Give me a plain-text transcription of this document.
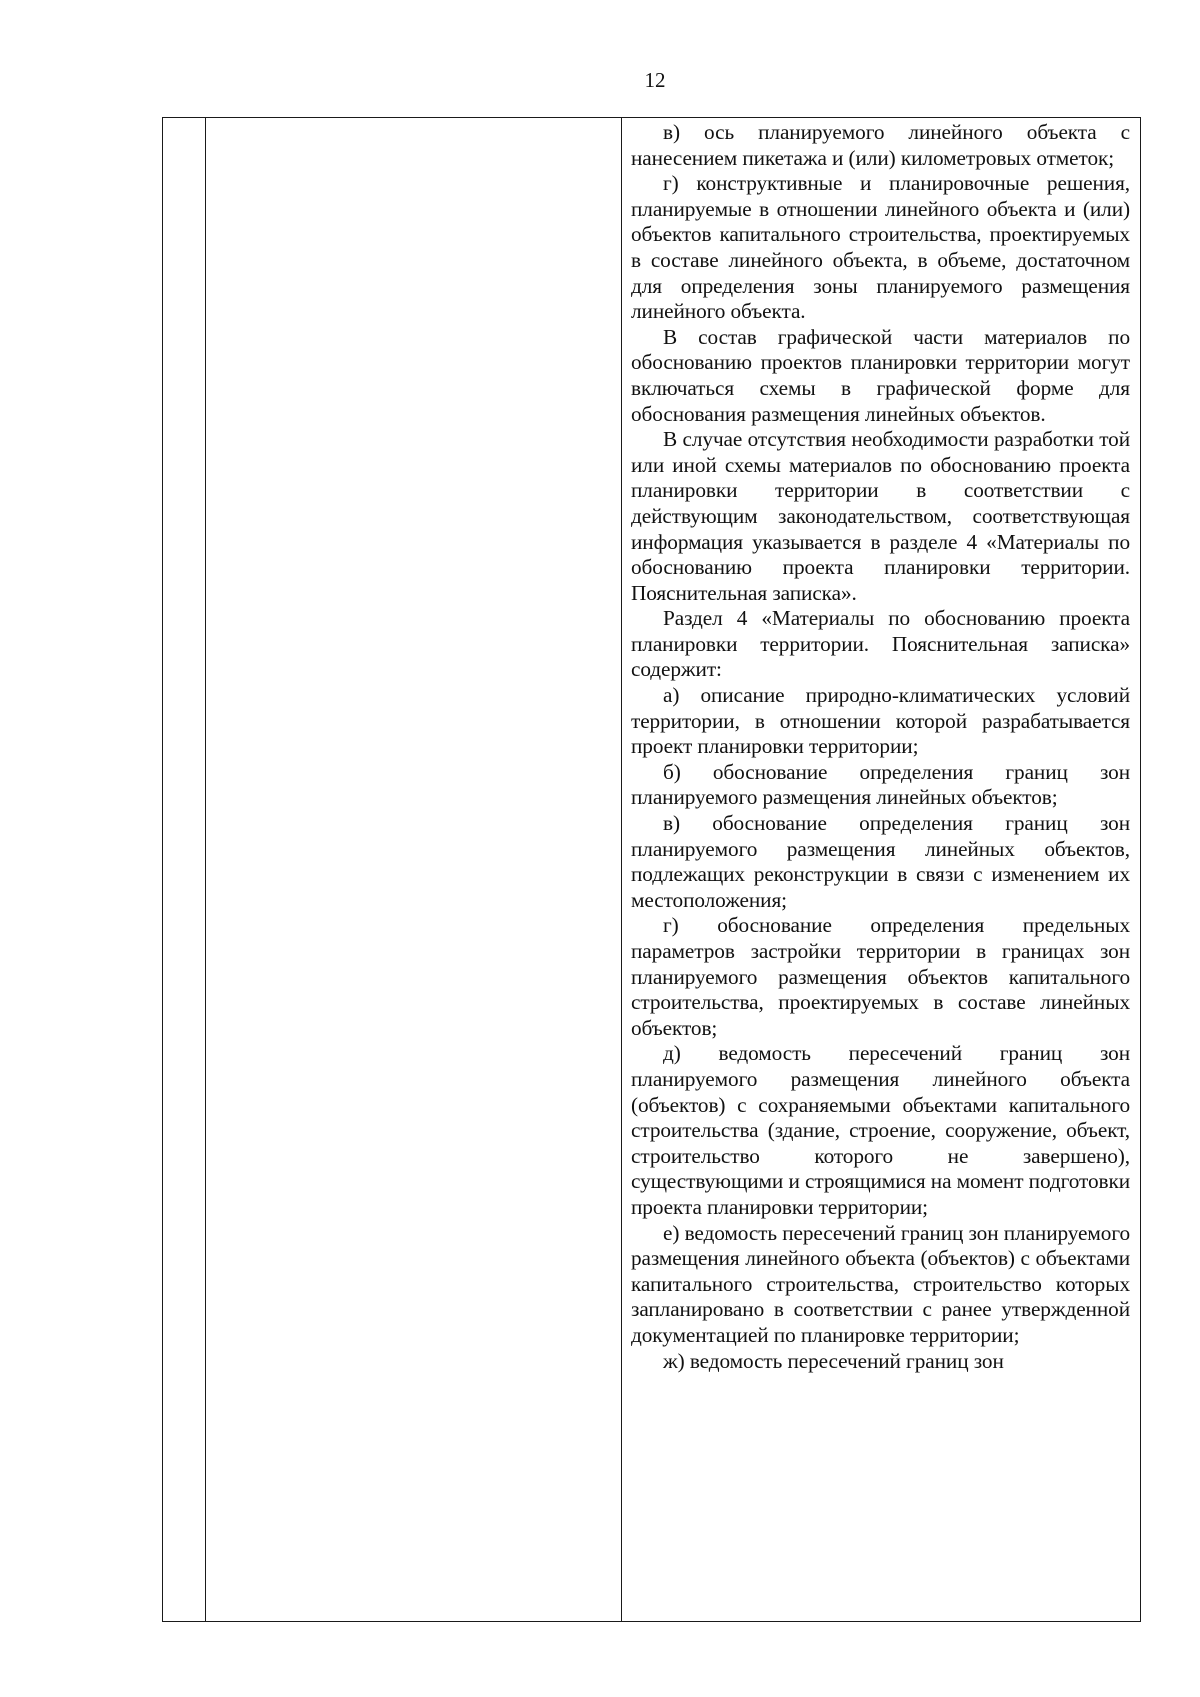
12

в) ось планируемого линейного объекта с нанесением пикетажа и (или) километровых отметок;

г) конструктивные и планировочные решения, планируемые в отношении линейного объекта и (или) объектов капитального строительства, проектируемых в составе линейного объекта, в объеме, достаточном для определения зоны планируемого размещения линейного объекта.

В состав графической части материалов по обоснованию проектов планировки территории могут включаться схемы в графической форме для обоснования размещения линейных объектов.

В случае отсутствия необходимости разработки той или иной схемы материалов по обоснованию проекта планировки территории в соответствии с действующим законодательством, соответствующая информация указывается в разделе 4 «Материалы по обоснованию проекта планировки территории. Пояснительная записка».

Раздел 4 «Материалы по обоснованию проекта планировки территории. Пояснительная записка» содержит:

а) описание природно-климатических условий территории, в отношении которой разрабатывается проект планировки территории;

б) обоснование определения границ зон планируемого размещения линейных объектов;

в) обоснование определения границ зон планируемого размещения линейных объектов, подлежащих реконструкции в связи с изменением их местоположения;

г) обоснование определения предельных параметров застройки территории в границах зон планируемого размещения объектов капитального строительства, проектируемых в составе линейных объектов;

д) ведомость пересечений границ зон планируемого размещения линейного объекта (объектов) с сохраняемыми объектами капитального строительства (здание, строение, сооружение, объект, строительство которого не завершено), существующими и строящимися на момент подготовки проекта планировки территории;

е) ведомость пересечений границ зон планируемого размещения линейного объекта (объектов) с объектами капитального строительства, строительство которых запланировано в соответствии с ранее утвержденной документацией по планировке территории;

ж) ведомость пересечений границ зон
